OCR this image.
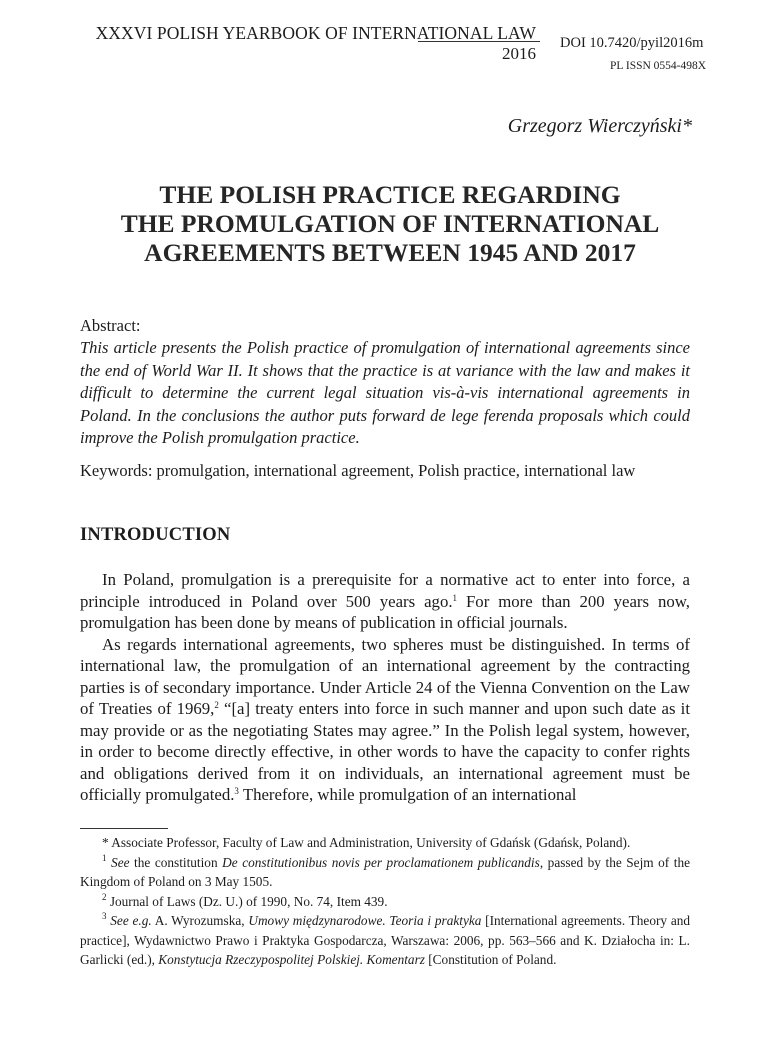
XXXVI POLISH YEARBOOK OF INTERNATIONAL LAW
2016
DOI 10.7420/pyil2016m
PL ISSN 0554-498X
Grzegorz Wierczyński*
THE POLISH PRACTICE REGARDING
THE PROMULGATION OF INTERNATIONAL
AGREEMENTS BETWEEN 1945 AND 2017
Abstract:
This article presents the Polish practice of promulgation of international agreements since the end of World War II. It shows that the practice is at variance with the law and makes it difficult to determine the current legal situation vis-à-vis international agreements in Poland. In the conclusions the author puts forward de lege ferenda proposals which could improve the Polish promulgation practice.
Keywords: promulgation, international agreement, Polish practice, international law
INTRODUCTION

In Poland, promulgation is a prerequisite for a normative act to enter into force, a principle introduced in Poland over 500 years ago.$^1$ For more than 200 years now, promulgation has been done by means of publication in official journals.

As regards international agreements, two spheres must be distinguished. In terms of international law, the promulgation of an international agreement by the contracting parties is of secondary importance. Under Article 24 of the Vienna Convention on the Law of Treaties of 1969,$^2$ “[a] treaty enters into force in such manner and upon such date as it may provide or as the negotiating States may agree.” In the Polish legal system, however, in order to become directly effective, in other words to have the capacity to confer rights and obligations derived from it on individuals, an international agreement must be officially promulgated.$^3$ Therefore, while promulgation of an international

* Associate Professor, Faculty of Law and Administration, University of Gdańsk (Gdańsk, Poland).

$^1$ See the constitution De constitutionibus novis per proclamationem publicandis, passed by the Sejm of the Kingdom of Poland on 3 May 1505.

$^2$ Journal of Laws (Dz. U.) of 1990, No. 74, Item 439.

$^3$ See e.g. A. Wyrozumska, Umowy międzynarodowe. Teoria i praktyka [International agreements. Theory and practice], Wydawnictwo Prawo i Praktyka Gospodarcza, Warszawa: 2006, pp. 563–566 and K. Działocha in: L. Garlicki (ed.), Konstytucja Rzeczypospolitej Polskiej. Komentarz [Constitution of Poland.
